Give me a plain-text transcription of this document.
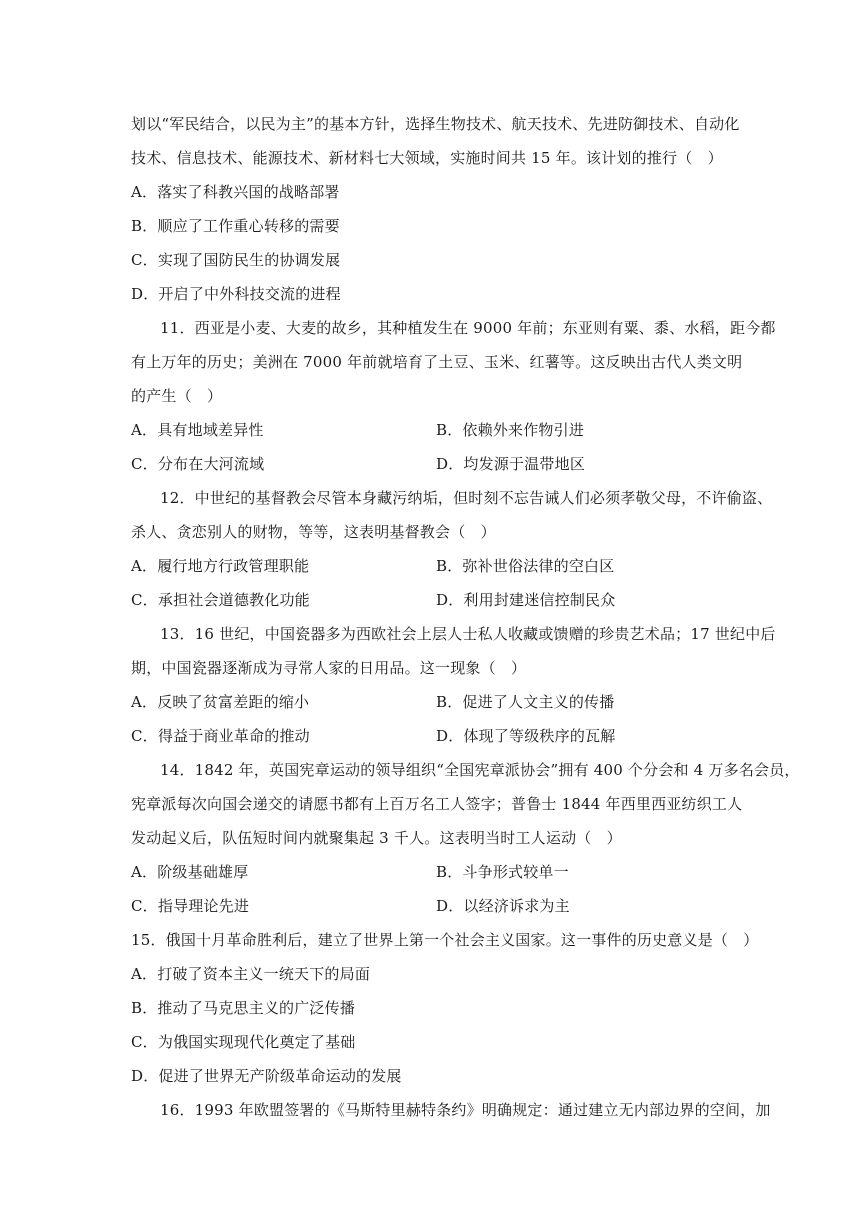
划以“军民结合，以民为主”的基本方针，选择生物技术、航天技术、先进防御技术、自动化
技术、信息技术、能源技术、新材料七大领域，实施时间共 15 年。该计划的推行（　）
A．落实了科教兴国的战略部署
B．顺应了工作重心转移的需要
C．实现了国防民生的协调发展
D．开启了中外科技交流的进程
11．西亚是小麦、大麦的故乡，其种植发生在 9000 年前；东亚则有粟、黍、水稻，距今都
有上万年的历史；美洲在 7000 年前就培育了土豆、玉米、红薯等。这反映出古代人类文明
的产生（　）
A．具有地域差异性	B．依赖外来作物引进
C．分布在大河流域	D．均发源于温带地区
12．中世纪的基督教会尽管本身藏污纳垢，但时刻不忘告诫人们必须孝敬父母，不许偷盗、
杀人、贪恋别人的财物，等等，这表明基督教会（　）
A．履行地方行政管理职能	B．弥补世俗法律的空白区
C．承担社会道德教化功能	D．利用封建迷信控制民众
13．16 世纪，中国瓷器多为西欧社会上层人士私人收藏或馈赠的珍贵艺术品；17 世纪中后
期，中国瓷器逐渐成为寻常人家的日用品。这一现象（　）
A．反映了贫富差距的缩小	B．促进了人文主义的传播
C．得益于商业革命的推动	D．体现了等级秩序的瓦解
14．1842 年，英国宪章运动的领导组织“全国宪章派协会”拥有 400 个分会和 4 万多名会员，
宪章派每次向国会递交的请愿书都有上百万名工人签字；普鲁士 1844 年西里西亚纺织工人
发动起义后，队伍短时间内就聚集起 3 千人。这表明当时工人运动（　）
A．阶级基础雄厚	B．斗争形式较单一
C．指导理论先进	D．以经济诉求为主
15．俄国十月革命胜利后，建立了世界上第一个社会主义国家。这一事件的历史意义是（　）
A．打破了资本主义一统天下的局面
B．推动了马克思主义的广泛传播
C．为俄国实现现代化奠定了基础
D．促进了世界无产阶级革命运动的发展
16．1993 年欧盟签署的《马斯特里赫特条约》明确规定：通过建立无内部边界的空间，加
